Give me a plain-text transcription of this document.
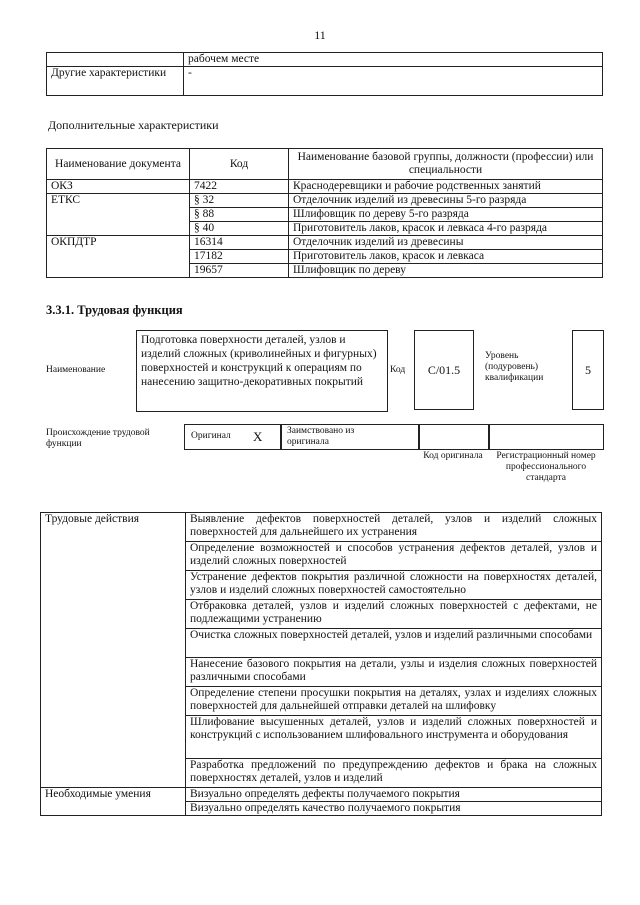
11
	рабочем месте
Другие характеристики	-
Дополнительные характеристики
Наименование документа	Код	Наименование базовой группы, должности (профессии) или специальности
ОКЗ	7422	Краснодеревщики и рабочие родственных занятий
ЕТКС	§ 32	Отделочник изделий из древесины 5-го разряда
	§ 88	Шлифовщик по дереву 5-го разряда
	§ 40	Приготовитель лаков, красок и левкаса 4-го разряда
ОКПДТР	16314	Отделочник изделий из древесины
	17182	Приготовитель лаков, красок и левкаса
	19657	Шлифовщик по дереву
3.3.1. Трудовая функция
Наименование
Подготовка поверхности деталей, узлов и изделий сложных (криволинейных и фигурных) поверхностей и конструкций к операциям по нанесению защитно-декоративных покрытий
Код	С/01.5
Уровень (подуровень) квалификации
5
Происхождение трудовой функции
Оригинал X	Заимствовано из оригинала
Код оригинала	Регистрационный номер профессионального стандарта
Трудовые действия	Выявление дефектов поверхностей деталей, узлов и изделий сложных поверхностей для дальнейшего их устранения
	Определение возможностей и способов устранения дефектов деталей, узлов и изделий сложных поверхностей
	Устранение дефектов покрытия различной сложности на поверхностях деталей, узлов и изделий сложных поверхностей самостоятельно
	Отбраковка деталей, узлов и изделий сложных поверхностей с дефектами, не подлежащими устранению
	Очистка сложных поверхностей деталей, узлов и изделий различными способами
	Нанесение базового покрытия на детали, узлы и изделия сложных поверхностей различными способами
	Определение степени просушки покрытия на деталях, узлах и изделиях сложных поверхностей для дальнейшей отправки деталей на шлифовку
	Шлифование высушенных деталей, узлов и изделий сложных поверхностей и конструкций с использованием шлифовального инструмента и оборудования
	Разработка предложений по предупреждению дефектов и брака на сложных поверхностях деталей, узлов и изделий
Необходимые умения	Визуально определять дефекты получаемого покрытия
	Визуально определять качество получаемого покрытия
